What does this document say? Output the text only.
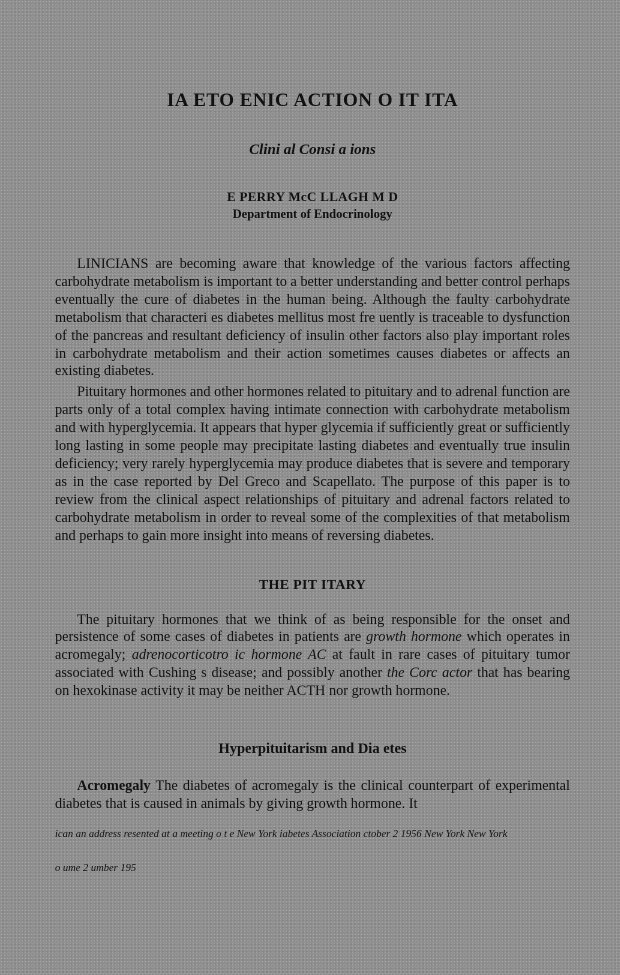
IA ETO ENIC ACTION O IT ITA
Clini al Consi a ions
E PERRY McC LLAGH M D
Department of Endocrinology

LINICIANS are becoming aware that knowledge of the various factors affecting carbohydrate metabolism is important to a better understanding and better control perhaps eventually the cure of diabetes in the human being. Although the faulty carbohydrate metabolism that characteri es diabetes mellitus most fre uently is traceable to dysfunction of the pancreas and resultant deficiency of insulin other factors also play important roles in carbohydrate metabolism and their action sometimes causes diabetes or affects an existing diabetes.

Pituitary hormones and other hormones related to pituitary and to adrenal function are parts only of a total complex having intimate connection with carbohydrate metabolism and with hyperglycemia. It appears that hyper glycemia if sufficiently great or sufficiently long lasting in some people may precipitate lasting diabetes and eventually true insulin deficiency; very rarely hyperglycemia may produce diabetes that is severe and temporary as in the case reported by Del Greco and Scapellato. The purpose of this paper is to review from the clinical aspect relationships of pituitary and adrenal factors related to carbohydrate metabolism in order to reveal some of the complexities of that metabolism and perhaps to gain more insight into means of reversing diabetes.

THE PIT ITARY

The pituitary hormones that we think of as being responsible for the onset and persistence of some cases of diabetes in patients are growth hormone which operates in acromegaly; adrenocorticotro ic hormone AC at fault in rare cases of pituitary tumor associated with Cushing s disease; and possibly another the Corc actor that has bearing on hexokinase activity it may be neither ACTH nor growth hormone.

Hyperpituitarism and Dia etes

Acromegaly The diabetes of acromegaly is the clinical counterpart of experimental diabetes that is caused in animals by giving growth hormone. It

ican an address resented at a meeting o t e New York iabetes Association ctober 2 1956 New York New York

o ume 2 umber 195
